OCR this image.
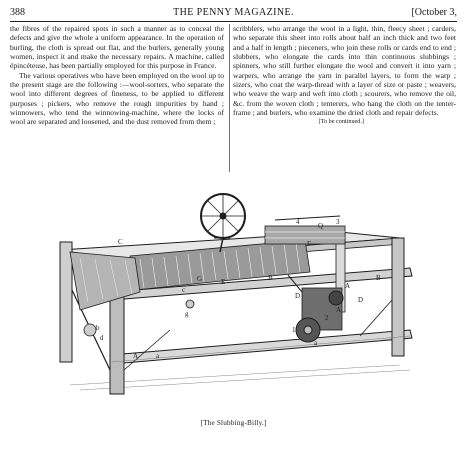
388	THE PENNY MAGAZINE.	[October 3,

the fibres of the repaired spots in such a manner as to conceal the defects and give the whole a uniform appearance. In the operation of burling, the cloth is spread out flat, and the burlers, generally young women, inspect it and make the necessary repairs. A machine, called épincéteuse, has been partially employed for this purpose in France.

The various operatives who have been employed on the wool up to the present stage are the following :—wool-sorters, who separate the wool into different degrees of fineness, to be applied to different purposes ; pickers, who remove the rough impurities by hand ; winnowers, who tend the winnowing-machine, where the locks of wool are separated and loosened, and the dust removed from them ;

scribblers, who arrange the wool in a light, thin, fleecy sheet ; carders, who separate this sheet into rolls about half an inch thick and two feet and a half in length ; pieceners, who join these rolls or cards end to end ; slubbers, who elongate the cards into thin continuous slubbings ; spinners, who still further elongate the wool and convert it into yarn ; warpers, who arrange the yarn in parallel layers, to form the warp ; sizers, who coat the warp-thread with a layer of size or paste ; weavers, who weave the warp and weft into cloth ; scourers, who remove the oil, &c. from the woven cloth ; tenterers, who hang the cloth on the tenter-frame ; and burlers, who examine the dried cloth and repair defects.

[To be continued.]

C
G	E	B	B
D	D
F
Q
A
A
A
a
a
b
c
d
g
1
2
3
4
[The Slubbing-Billy.]
